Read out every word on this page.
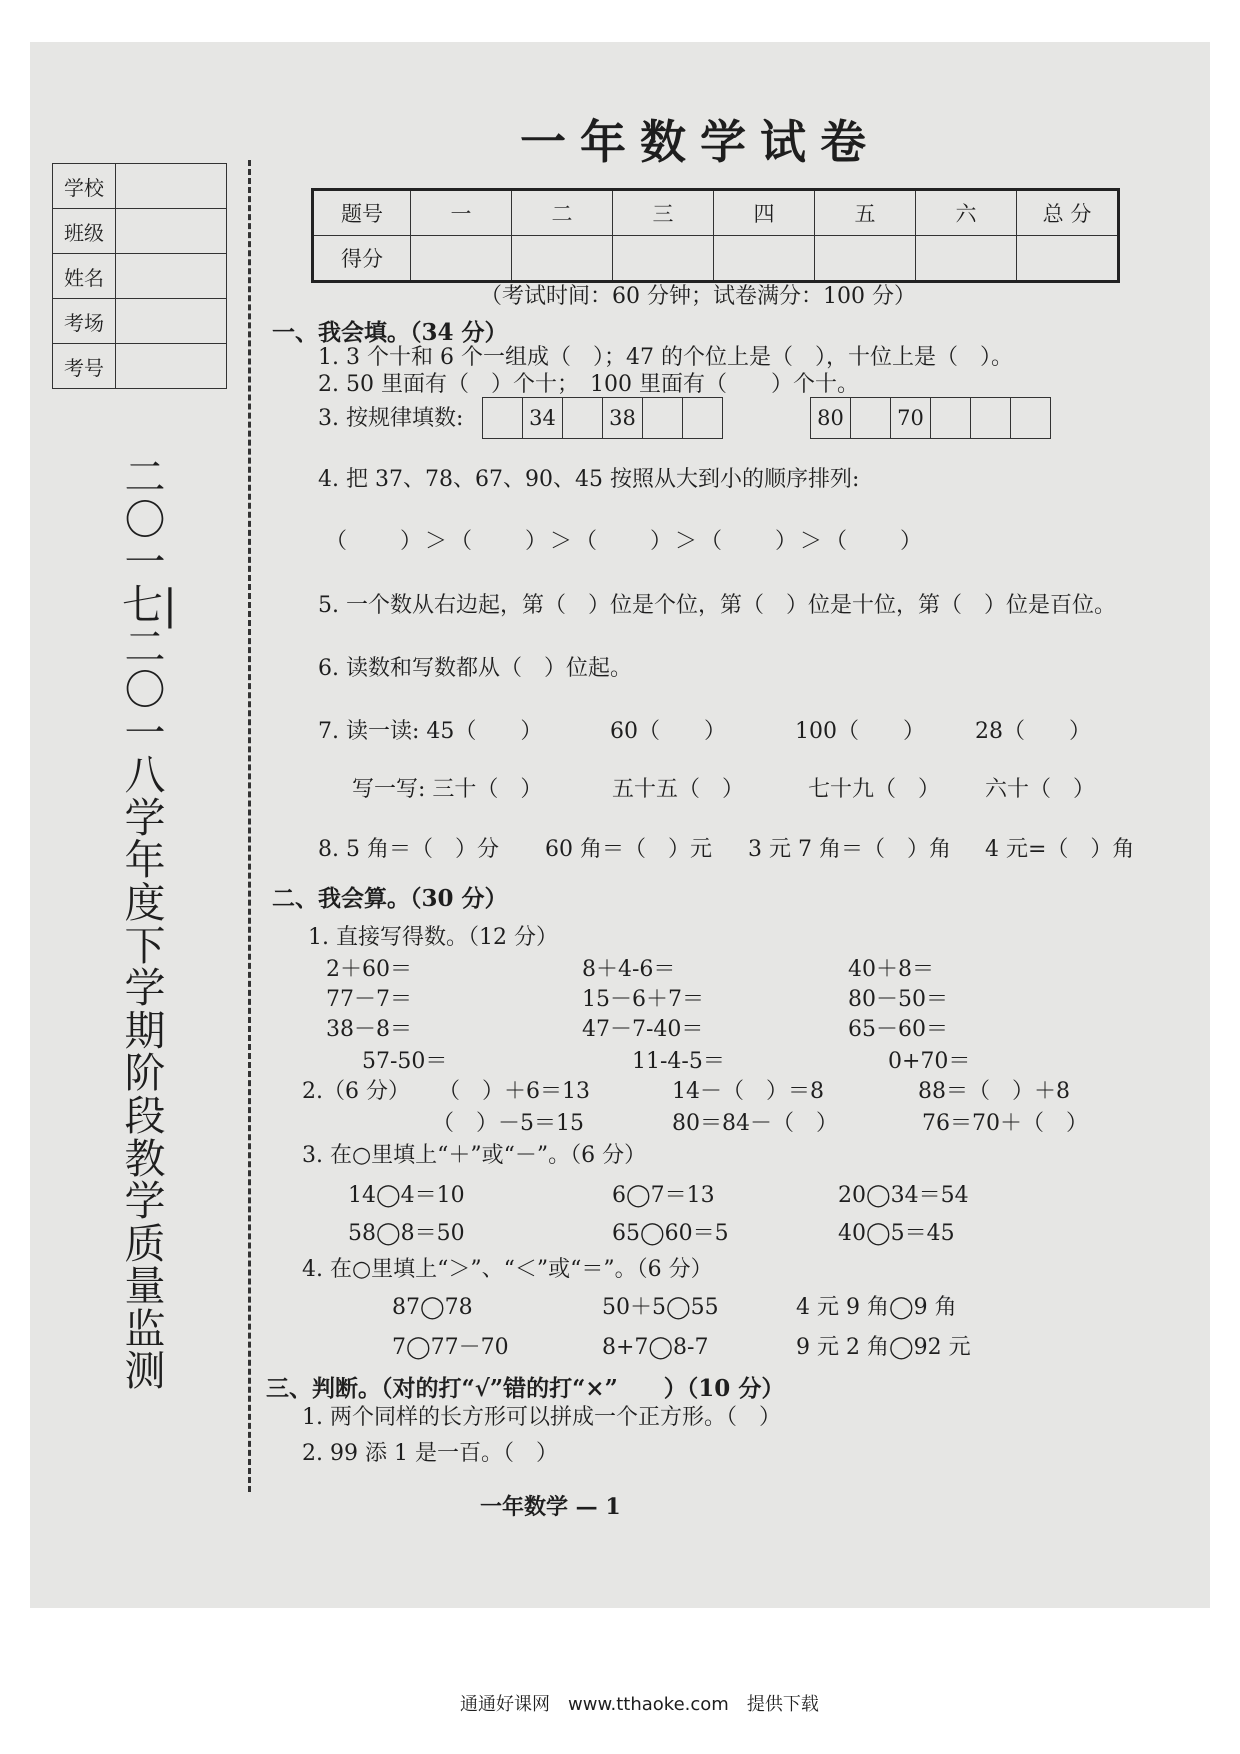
学校	
班级	
姓名	
考场	
考号	
二〇一七|二〇一八学年度下学期阶段教学质量监测
一年数学试卷
题号	一	二	三	四	五	六	总 分
得分							
（考试时间：60 分钟；试卷满分：100 分）
一、我会填。（34 分）
1. 3 个十和 6 个一组成（　）；47 的个位上是（　），十位上是（　）。
2. 50 里面有（　）个十；　100 里面有（　　）个十。
3. 按规律填数:
		34		38			80		70			
4. 把 37、78、67、90、45 按照从大到小的顺序排列:
（　　）＞（　　）＞（　　）＞（　　）＞（　　）
5. 一个数从右边起，第（　）位是个位，第（　）位是十位，第（　）位是百位。
6. 读数和写数都从（　）位起。
7. 读一读: 45（　　）	60（　　）	100（　　） 28（　　）
写一写: 三十（　）	五十五（　）	七十九（　） 六十（　）
8. 5 角＝（　）分 60 角＝（　）元 3 元 7 角＝（　）角 4 元=（　）角
二、我会算。（30 分）
1. 直接写得数。（12 分）
2＋60＝	8＋4-6＝	40＋8＝
77－7＝	15－6＋7＝	80－50＝
38－8＝	47－7-40＝	65－60＝
57-50＝	11-4-5＝	0+70＝
2.（6 分） （　）＋6＝13	14－（　）＝8	88＝（　）＋8
（　）－5＝15	80＝84－（　）	76＝70＋（　）
3. 在○里填上“＋”或“－”。（6 分）
14◯4＝10	6◯7＝13	20◯34＝54
58◯8＝50	65◯60＝5	40◯5＝45
4. 在○里填上“＞”、“＜”或“＝”。（6 分）
87◯78	50＋5◯55	4 元 9 角◯9 角
7◯77－70	8+7◯8-7	9 元 2 角◯92 元
三、判断。（对的打“√”错的打“×”　　）（10 分）
1. 两个同样的长方形可以拼成一个正方形。（　）
2. 99 添 1 是一百。（　）
一年数学 — 1
通通好课网　www.tthaoke.com　提供下载
